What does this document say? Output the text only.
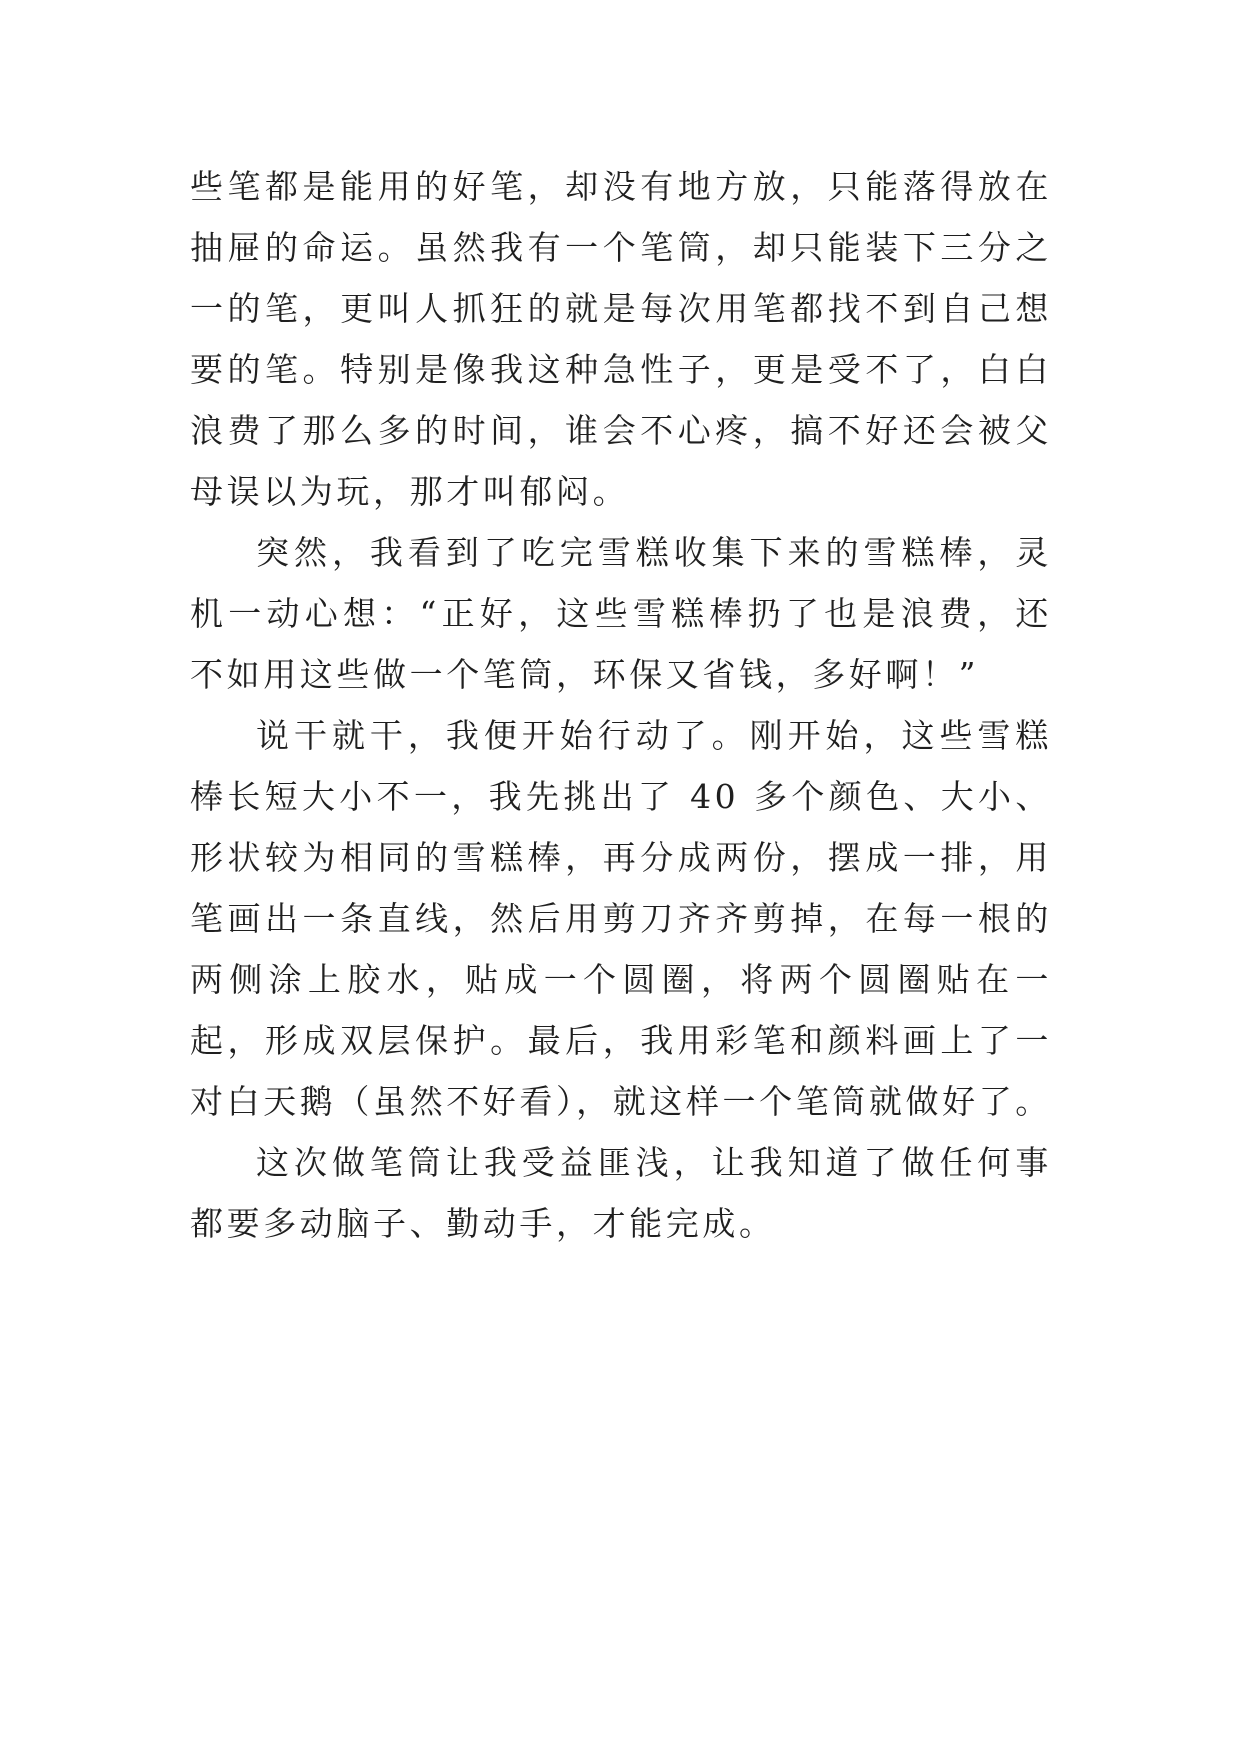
些笔都是能用的好笔，却没有地方放，只能落得放在抽屉的命运。虽然我有一个笔筒，却只能装下三分之一的笔，更叫人抓狂的就是每次用笔都找不到自己想要的笔。特别是像我这种急性子，更是受不了，白白浪费了那么多的时间，谁会不心疼，搞不好还会被父母误以为玩，那才叫郁闷。

突然，我看到了吃完雪糕收集下来的雪糕棒，灵机一动心想：“正好，这些雪糕棒扔了也是浪费，还不如用这些做一个笔筒，环保又省钱，多好啊！”

说干就干，我便开始行动了。刚开始，这些雪糕棒长短大小不一，我先挑出了 40 多个颜色、大小、形状较为相同的雪糕棒，再分成两份，摆成一排，用笔画出一条直线，然后用剪刀齐齐剪掉，在每一根的两侧涂上胶水，贴成一个圆圈，将两个圆圈贴在一起，形成双层保护。最后，我用彩笔和颜料画上了一对白天鹅（虽然不好看），就这样一个笔筒就做好了。

这次做笔筒让我受益匪浅，让我知道了做任何事都要多动脑子、勤动手，才能完成。
